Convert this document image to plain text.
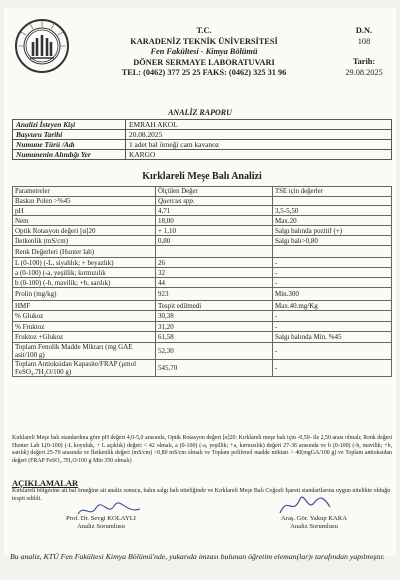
T.C.
KARADENİZ TEKNİK ÜNİVERSİTESİ
Fen Fakültesi - Kimya Bölümü
DÖNER SERMAYE LABORATUVARI
TEL: (0462) 377 25 25 FAKS: (0462) 325 31 96
D.N.
108
Tarih:
29.08.2025
ANALİZ RAPORU
Analizi İsteyen Kişi	EMRAH AKOL
Başvuru Tarihi	20.08.2025
Numune Türü /Adı	1 adet bal örneği cam kavanoz
Numunenin Alındığı Yer	KARGO
Kırklareli Meşe Balı Analizi
Parametreler	Ölçülen Değer	TSE için değerler
Baskın Polen >%45	Quercus spp.	
pH	4,71	3,5-5,50
Nem	18,00	Max.20
Optik Rotasyon değeri [α]20	+ 1,10	Salgı balında pozitif (+)
İletkenlik (mS/cm)	0,80	Salgı balı>0,80
Renk Değerleri (Hunter lab)		
L (0-100) (-L, siyahlık; + beyazlık)	26	-
a (0-100) (-a, yeşillik; kırmızılık	32	-
b (0-100) (-b, mavilik; +b, sarılık)	44	-
Prolin (mg/kg)	923	Min.300
HMF	Tespit edilmedi	Max.40.mg/Kg
% Glukoz	30,38	-
% Fruktoz	31,20	-
Fruktoz +Glukoz	61,58	Salgı balında Min. %45
Toplam Fenolik Madde Miktarı (mg GAE asit/100 g)	52,30	-
Toplam Antioksidan Kapasite/FRAP (μmol FeSO₄.7H₂O/100 g)	545,70	-
Kırklareli Meşe balı standardına göre pH değeri 4,0-5,0 arasında, Optik Rotasyon değeri [α]20: Kırklareli meşe balı için -0,50- ile 2,50 arası olmalı; Renk değeri Hunter Lab L(0-100) (-L koyuluk, + L açıklık) değeri < 42 olmalı, a (0-100) (-a, yeşillik; +a, kırmızılık) değeri 27-36 arasında ve b (0-100) (-b, mavilik; +b, sarılık) değeri 25-70 arasında ve İletkenlik değeri (mS/cm) >0,80 mS/cm olmalı ve Toplam polifenol madde miktarı > 40(mgGA/100 g) ve Toplam antioksidan değeri (FRAP FeSO₄.7H₂O/100 g Min 350 olmalı)
AÇIKLAMALAR
Kırklareli bölgesine ait bal örneğine ait analiz sonucu, balın salgı balı niteliğinde ve Kırklareli Meşe Balı Coğrafi İşareti standartlarına uygun nitelikte olduğu tespit edildi.
Prof. Dr. Sevgi KOLAYLI
Analiz Sorumlusu
Araş. Gör. Yakup KARA
Analiz Sorumlusu
Bu analiz, KTÜ Fen Fakültesi Kimya Bölümü'nde, yukarıda imzası bulunan öğretim eleman(lar)ı tarafından yapılmıştır.
